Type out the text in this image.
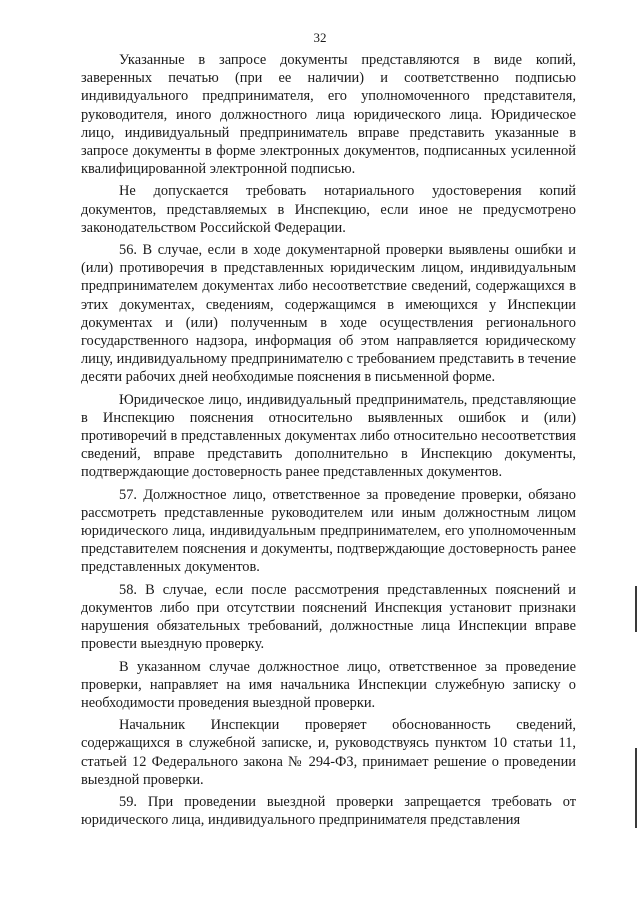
32

Указанные в запросе документы представляются в виде копий, заверенных печатью (при ее наличии) и соответственно подписью индивидуального предпринимателя, его уполномоченного представителя, руководителя, иного должностного лица юридического лица. Юридическое лицо, индивидуальный предприниматель вправе представить указанные в запросе документы в форме электронных документов, подписанных усиленной квалифицированной электронной подписью.

Не допускается требовать нотариального удостоверения копий документов, представляемых в Инспекцию, если иное не предусмотрено законодательством Российской Федерации.

56. В случае, если в ходе документарной проверки выявлены ошибки и (или) противоречия в представленных юридическим лицом, индивидуальным предпринимателем документах либо несоответствие сведений, содержащихся в этих документах, сведениям, содержащимся в имеющихся у Инспекции документах и (или) полученным в ходе осуществления регионального государственного надзора, информация об этом направляется юридическому лицу, индивидуальному предпринимателю с требованием представить в течение десяти рабочих дней необходимые пояснения в письменной форме.

Юридическое лицо, индивидуальный предприниматель, представляющие в Инспекцию пояснения относительно выявленных ошибок и (или) противоречий в представленных документах либо относительно несоответствия сведений, вправе представить дополнительно в Инспекцию документы, подтверждающие достоверность ранее представленных документов.

57. Должностное лицо, ответственное за проведение проверки, обязано рассмотреть представленные руководителем или иным должностным лицом юридического лица, индивидуальным предпринимателем, его уполномоченным представителем пояснения и документы, подтверждающие достоверность ранее представленных документов.

58. В случае, если после рассмотрения представленных пояснений и документов либо при отсутствии пояснений Инспекция установит признаки нарушения обязательных требований, должностные лица Инспекции вправе провести выездную проверку.

В указанном случае должностное лицо, ответственное за проведение проверки, направляет на имя начальника Инспекции служебную записку о необходимости проведения выездной проверки.

Начальник Инспекции проверяет обоснованность сведений, содержащихся в служебной записке, и, руководствуясь пунктом 10 статьи 11, статьей 12 Федерального закона № 294-ФЗ, принимает решение о проведении выездной проверки.

59. При проведении выездной проверки запрещается требовать от юридического лица, индивидуального предпринимателя представления
